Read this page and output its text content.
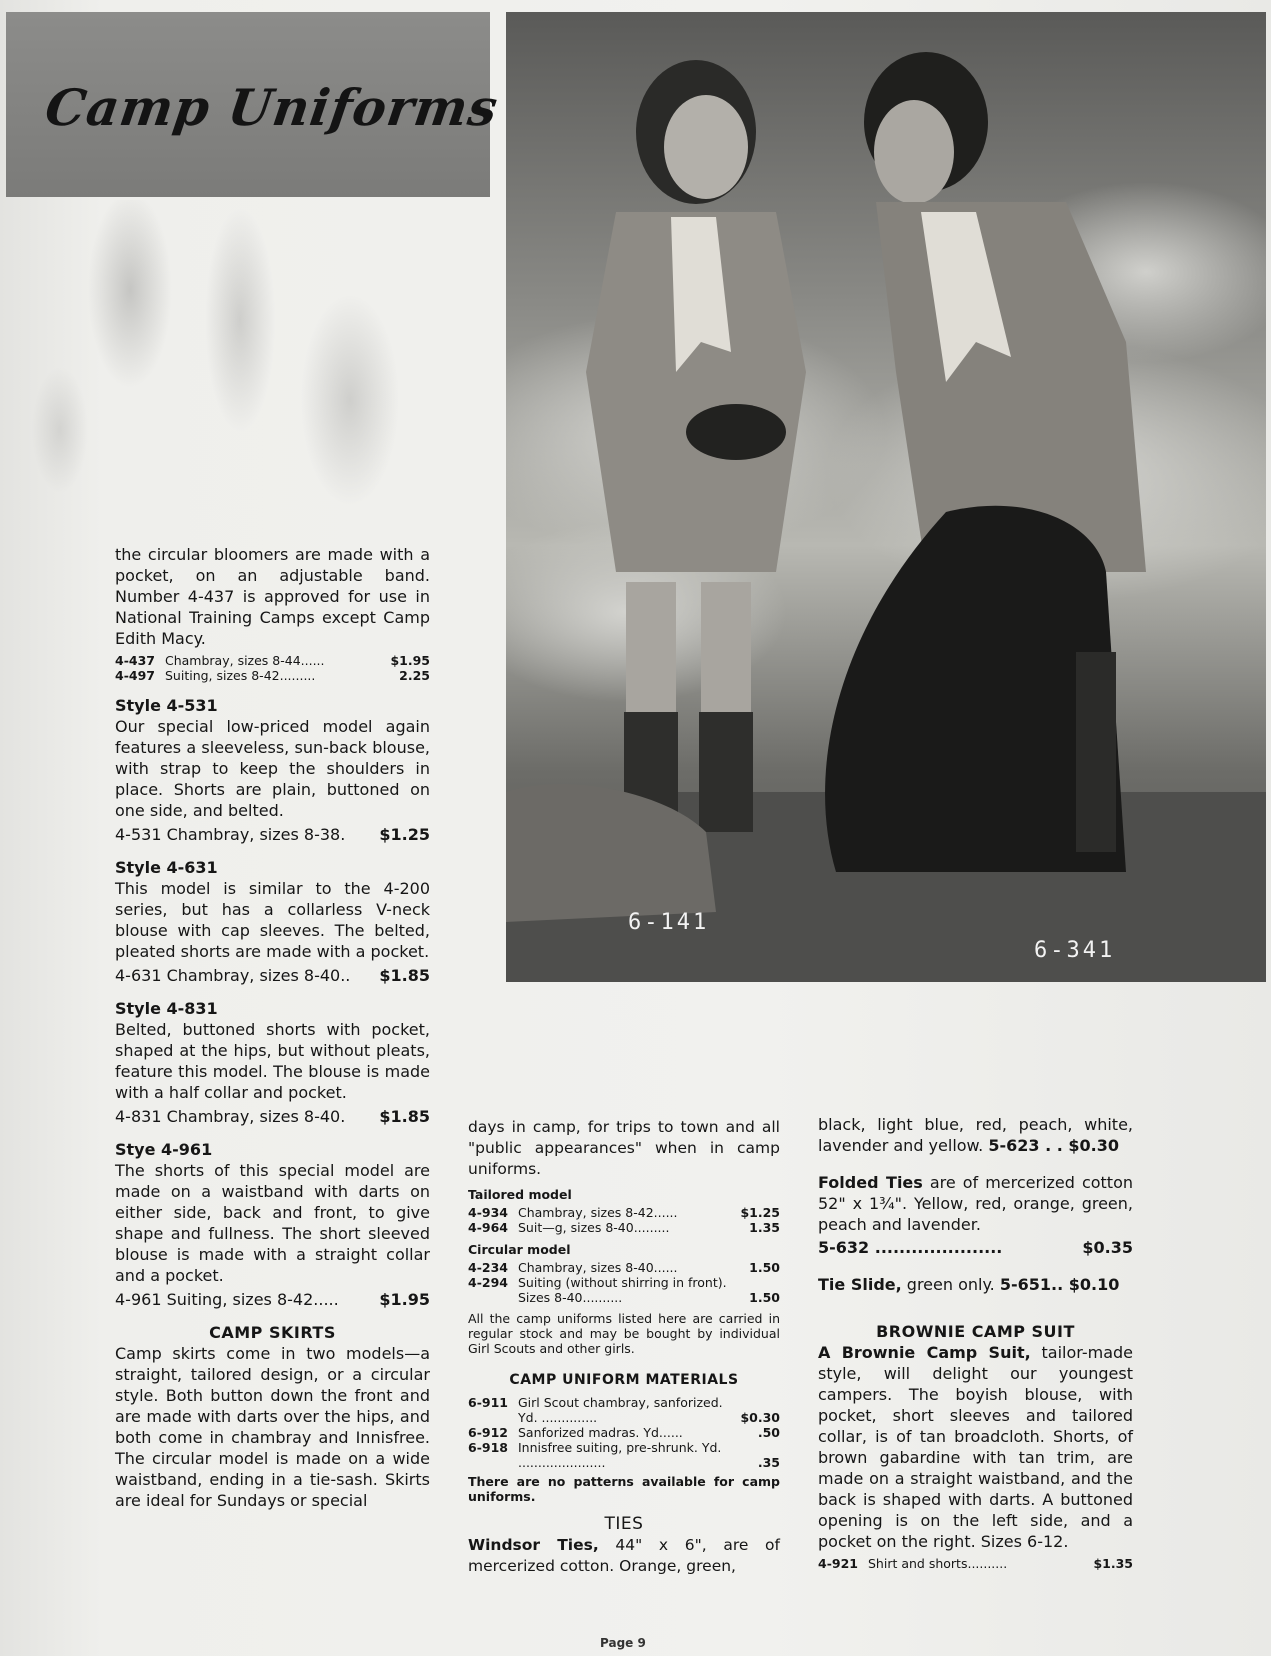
Camp Uniforms
6-141
6-341

the circular bloomers are made with a pocket, on an adjustable band. Number 4-437 is approved for use in National Training Camps except Camp Edith Macy.

4-437 Chambray, sizes 8-44......	$1.95
4-497 Suiting, sizes 8-42.........	2.25
Style 4-531

Our special low-priced model again features a sleeveless, sun-back blouse, with strap to keep the shoulders in place. Shorts are plain, buttoned on one side, and belted.

4-531 Chambray, sizes 8-38. $1.25
Style 4-631

This model is similar to the 4-200 series, but has a collarless V-neck blouse with cap sleeves. The belted, pleated shorts are made with a pocket.

4-631 Chambray, sizes 8-40.. $1.85
Style 4-831

Belted, buttoned shorts with pocket, shaped at the hips, but without pleats, feature this model. The blouse is made with a half collar and pocket.

4-831 Chambray, sizes 8-40. $1.85
Stye 4-961

The shorts of this special model are made on a waistband with darts on either side, back and front, to give shape and fullness. The short sleeved blouse is made with a straight collar and a pocket.

4-961 Suiting, sizes 8-42.....	$1.95
CAMP SKIRTS

Camp skirts come in two models—a straight, tailored design, or a circular style. Both button down the front and are made with darts over the hips, and both come in chambray and Innisfree. The circular model is made on a wide waistband, ending in a tie-sash. Skirts are ideal for Sundays or special

days in camp, for trips to town and all "public appearances" when in camp uniforms.

Tailored model
4-934 Chambray, sizes 8-42......	$1.25
4-964 Suit—g, sizes 8-40.........	1.35
Circular model
4-234 Chambray, sizes 8-40......	1.50
4-294 Suiting (without shirring in front). Sizes 8-40..........	1.50

All the camp uniforms listed here are carried in regular stock and may be bought by individual Girl Scouts and other girls.

CAMP UNIFORM MATERIALS
6-911 Girl Scout chambray, sanforized. Yd. ..............	$0.30
6-912 Sanforized madras. Yd......	.50
6-918 Innisfree suiting, pre-shrunk. Yd. ......................	.35

There are no patterns available for camp uniforms.

TIES

Windsor Ties, 44" x 6", are of mercerized cotton. Orange, green,

black, light blue, red, peach, white, lavender and yellow. 5-623 . . $0.30

Folded Ties are of mercerized cotton 52" x 1¾". Yellow, red, orange, green, peach and lavender.

5-632 .....................	$0.35

Tie Slide, green only. 5-651.. $0.10

BROWNIE CAMP SUIT

A Brownie Camp Suit, tailor-made style, will delight our youngest campers. The boyish blouse, with pocket, short sleeves and tailored collar, is of tan broadcloth. Shorts, of brown gabardine with tan trim, are made on a straight waistband, and the back is shaped with darts. A buttoned opening is on the left side, and a pocket on the right. Sizes 6-12.

4-921 Shirt and shorts..........	$1.35
Page 9
